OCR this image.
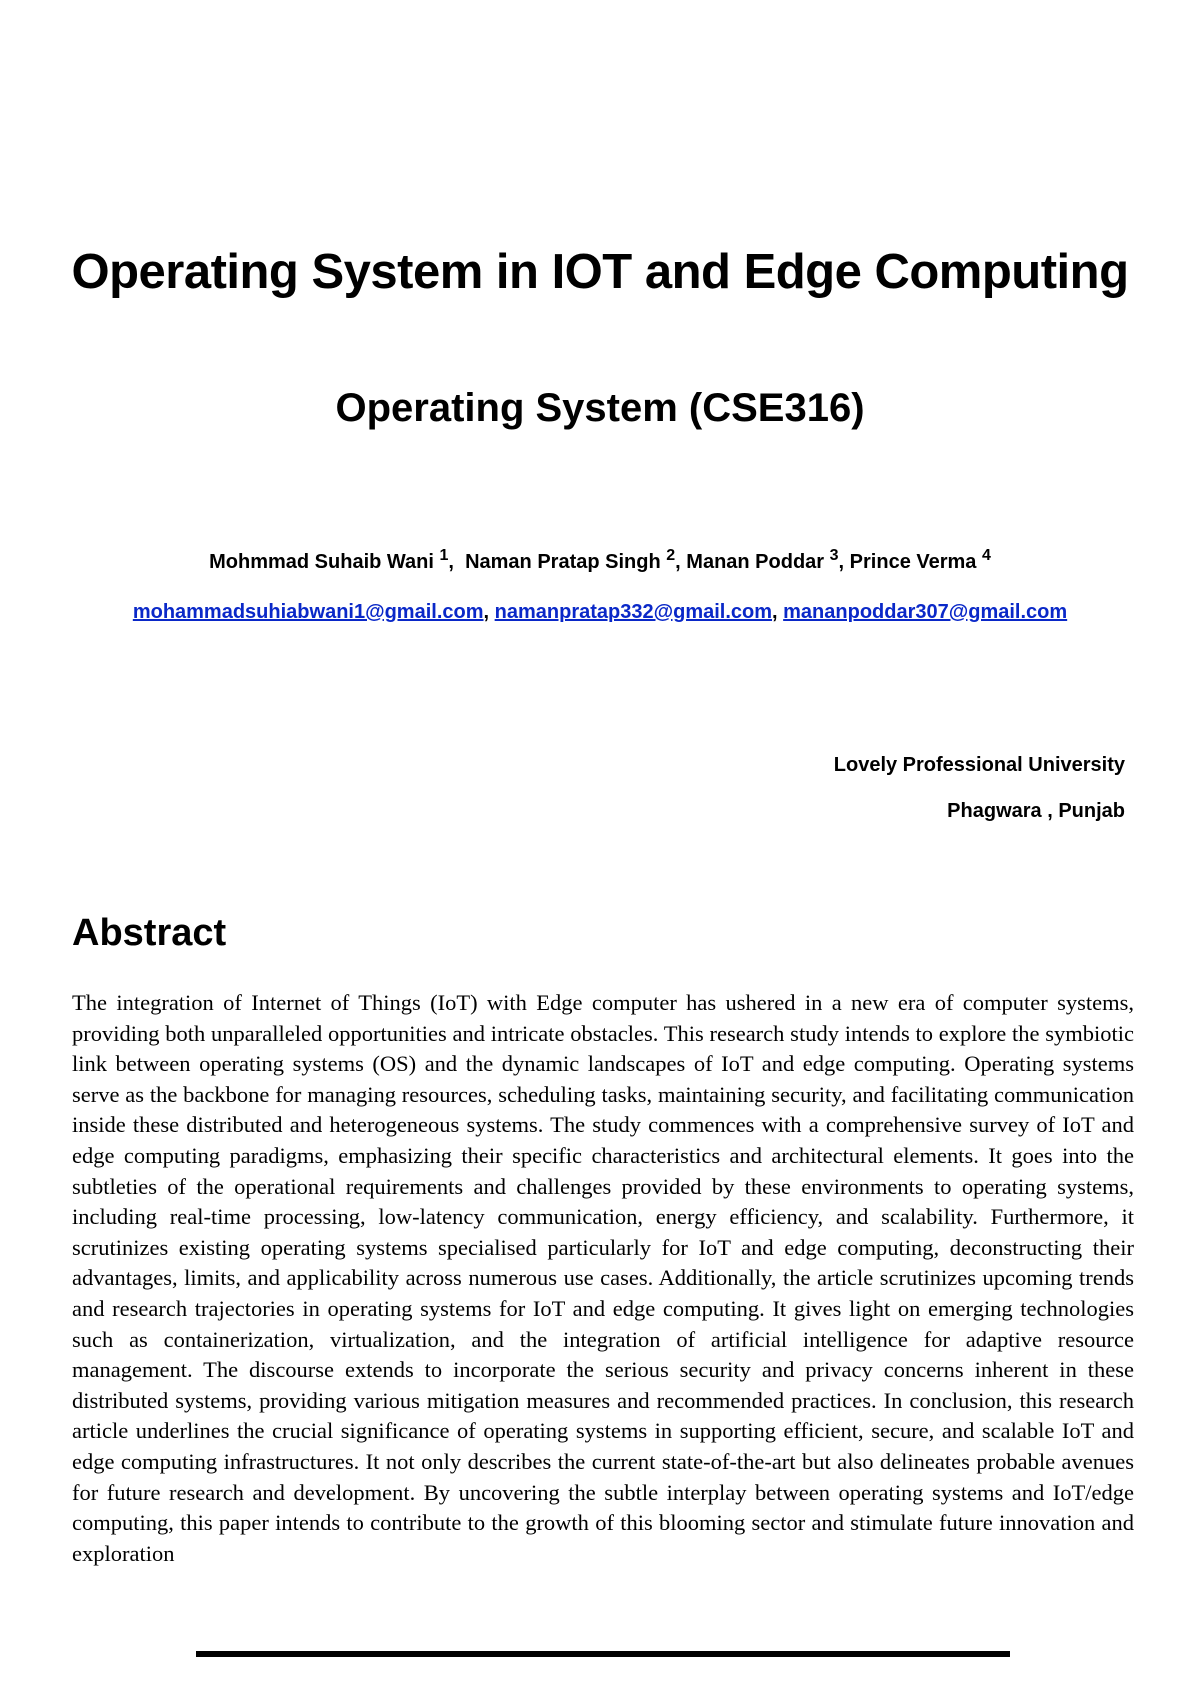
Operating System in IOT and Edge Computing
Operating System (CSE316)
Mohmmad Suhaib Wani $^1$,  Naman Pratap Singh $^2$, Manan Poddar $^3$, Prince Verma $^4$
mohammadsuhiabwani1@gmail.com, namanpratap332@gmail.com, mananpoddar307@gmail.com
Lovely Professional University
Phagwara , Punjab
Abstract

The integration of Internet of Things (IoT) with Edge computer has ushered in a new era of computer systems, providing both unparalleled opportunities and intricate obstacles. This research study intends to explore the symbiotic link between operating systems (OS) and the dynamic landscapes of IoT and edge computing. Operating systems serve as the backbone for managing resources, scheduling tasks, maintaining security, and facilitating communication inside these distributed and heterogeneous systems. The study commences with a comprehensive survey of IoT and edge computing paradigms, emphasizing their specific characteristics and architectural elements. It goes into the subtleties of the operational requirements and challenges provided by these environments to operating systems, including real-time processing, low-latency communication, energy efficiency, and scalability. Furthermore, it scrutinizes existing operating systems specialised particularly for IoT and edge computing, deconstructing their advantages, limits, and applicability across numerous use cases. Additionally, the article scrutinizes upcoming trends and research trajectories in operating systems for IoT and edge computing. It gives light on emerging technologies such as containerization, virtualization, and the integration of artificial intelligence for adaptive resource management. The discourse extends to incorporate the serious security and privacy concerns inherent in these distributed systems, providing various mitigation measures and recommended practices. In conclusion, this research article underlines the crucial significance of operating systems in supporting efficient, secure, and scalable IoT and edge computing infrastructures. It not only describes the current state-of-the-art but also delineates probable avenues for future research and development. By uncovering the subtle interplay between operating systems and IoT/edge computing, this paper intends to contribute to the growth of this blooming sector and stimulate future innovation and exploration
